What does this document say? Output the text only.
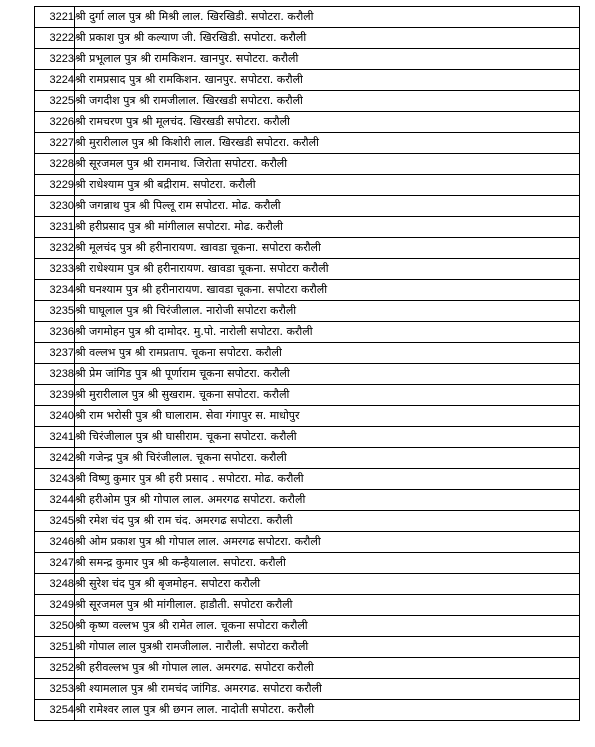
3221	श्री दुर्गा लाल पुत्र श्री मिश्री लाल. खिरखिडी. सपोटरा. करौली
3222	श्री प्रकाश पुत्र श्री कल्याण जी. खिरखिडी. सपोटरा. करौली
3223	श्री प्रभूलाल पुत्र श्री रामकिशन. खानपुर. सपोटरा. करौली
3224	श्री रामप्रसाद पुत्र श्री रामकिशन. खानपुर. सपोटरा. करौली
3225	श्री जगदीश पुत्र श्री रामजीलाल. खिरखडी सपोटरा. करौली
3226	श्री रामचरण पुत्र श्री मूलचंद. खिरखडी सपोटरा. करौली
3227	श्री मुरारीलाल पुत्र श्री किशोरी लाल. खिरखडी सपोटरा. करौली
3228	श्री सूरजमल पुत्र श्री रामनाथ. जिरोता सपोटरा. करौली
3229	श्री राधेश्याम पुत्र श्री बद्रीराम. सपोटरा. करौली
3230	श्री जगन्नाथ पुत्र श्री पिल्लू राम सपोटरा. मोढ. करौली
3231	श्री हरीप्रसाद पुत्र श्री मांगीलाल सपोटरा. मोढ. करौली
3232	श्री मूलचंद पुत्र श्री हरीनारायण. खावडा चूकना. सपोटरा करौली
3233	श्री राधेश्याम पुत्र श्री हरीनारायण. खावडा चूकना. सपोटरा करौली
3234	श्री घनश्याम पुत्र श्री हरीनारायण. खावडा चूकना. सपोटरा करौली
3235	श्री घाघूलाल पुत्र श्री चिरंजीलाल. नारोजी सपोटरा करौली
3236	श्री जगमोहन पुत्र श्री दामोदर. मु.पो. नारोली सपोटरा. करौली
3237	श्री वल्लभ पुत्र श्री रामप्रताप. चूकना सपोटरा. करौली
3238	श्री प्रेम जांगिड पुत्र श्री पूर्णाराम चूकना सपोटरा. करौली
3239	श्री मुरारीलाल पुत्र श्री सुखराम. चूकना सपोटरा. करौली
3240	श्री राम भरोसी पुत्र श्री घालाराम. सेवा गंगापुर स. माधोपुर
3241	श्री चिरंजीलाल पुत्र श्री घासीराम. चूकना सपोटरा. करौली
3242	श्री गजेन्द्र पुत्र श्री चिरंजीलाल. चूकना सपोटरा. करौली
3243	श्री विष्णु कुमार पुत्र श्री हरी प्रसाद . सपोटरा. मोढ. करौली
3244	श्री हरीओम पुत्र श्री गोपाल लाल. अमरगढ सपोटरा. करौली
3245	श्री रमेश चंद पुत्र श्री राम चंद. अमरगढ सपोटरा. करौली
3246	श्री ओम प्रकाश पुत्र श्री गोपाल लाल. अमरगढ सपोटरा. करौली
3247	श्री समन्द्र कुमार पुत्र श्री कन्हैयालाल. सपोटरा. करौली
3248	श्री सुरेश चंद पुत्र श्री बृजमोहन. सपोटरा करौली
3249	श्री सूरजमल पुत्र श्री मांगीलाल. हाडौती. सपोटरा करौली
3250	श्री कृष्ण वल्लभ पुत्र श्री रामेत लाल. चूकना सपोटरा करौली
3251	श्री गोपाल लाल पुत्रश्री रामजीलाल. नारौली. सपोटरा करौली
3252	श्री हरीवल्लभ पुत्र श्री गोपाल लाल. अमरगढ. सपोटरा करौली
3253	श्री श्यामलाल पुत्र श्री रामचंद जांगिड. अमरगढ. सपोटरा करौली
3254	श्री रामेश्वर लाल पुत्र श्री छगन लाल. नादोती सपोटरा. करौली
